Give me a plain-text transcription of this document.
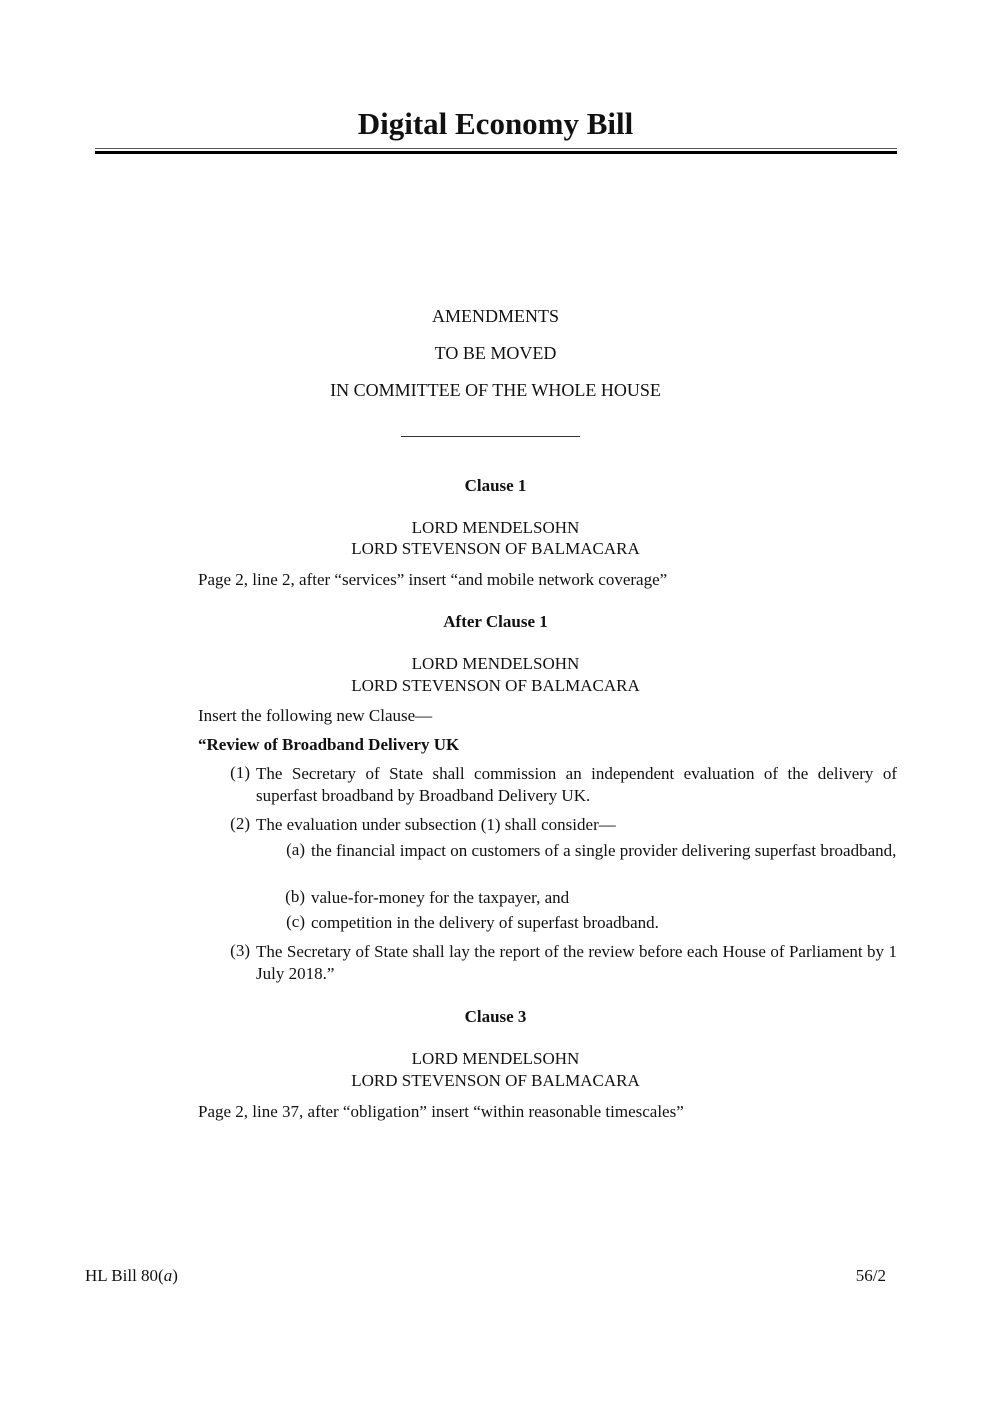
Digital Economy Bill
AMENDMENTS
TO BE MOVED
IN COMMITTEE OF THE WHOLE HOUSE
Clause 1
LORD MENDELSOHN
LORD STEVENSON OF BALMACARA
Page 2, line 2, after “services” insert “and mobile network coverage”
After Clause 1
LORD MENDELSOHN
LORD STEVENSON OF BALMACARA
Insert the following new Clause—
“Review of Broadband Delivery UK
(1) The Secretary of State shall commission an independent evaluation of the delivery of superfast broadband by Broadband Delivery UK.
(2) The evaluation under subsection (1) shall consider—
(a) the financial impact on customers of a single provider delivering superfast broadband,
(b) value-for-money for the taxpayer, and
(c) competition in the delivery of superfast broadband.
(3) The Secretary of State shall lay the report of the review before each House of Parliament by 1 July 2018.”
Clause 3
LORD MENDELSOHN
LORD STEVENSON OF BALMACARA
Page 2, line 37, after “obligation” insert “within reasonable timescales”
HL Bill 80(a)	56/2
